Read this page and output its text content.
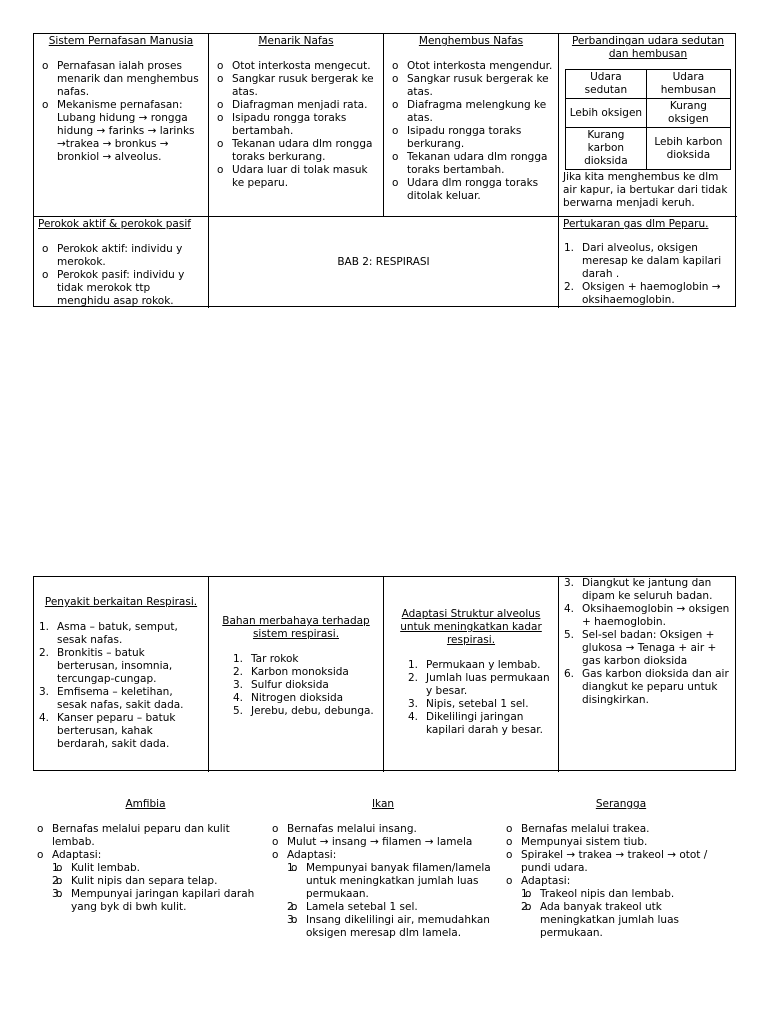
Sistem Pernafasan Manusia
o Pernafasan ialah proses menarik dan menghembus nafas.
o Mekanisme pernafasan: Lubang hidung → rongga hidung → farinks → larinks →trakea → bronkus → bronkiol → alveolus.
Menarik Nafas
o Otot interkosta mengecut.
o Sangkar rusuk bergerak ke atas.
o Diafragman menjadi rata.
o Isipadu rongga toraks bertambah.
o Tekanan udara dlm rongga toraks berkurang.
o Udara luar di tolak masuk ke peparu.
Menghembus Nafas
o Otot interkosta mengendur.
o Sangkar rusuk bergerak ke atas.
o Diafragma melengkung ke atas.
o Isipadu rongga toraks berkurang.
o Tekanan udara dlm rongga toraks bertambah.
o Udara dlm rongga toraks ditolak keluar.
Perbandingan udara sedutan dan hembusan
Udara sedutan	Udara hembusan
Lebih oksigen	Kurang oksigen
Kurang karbon dioksida	Lebih karbon dioksida
Jika kita menghembus ke dlm air kapur, ia bertukar dari tidak berwarna menjadi keruh.
Perokok aktif & perokok pasif
o Perokok aktif: individu y merokok.
o Perokok pasif: individu y tidak merokok ttp menghidu asap rokok.
BAB 2: RESPIRASI
Pertukaran gas dlm Peparu.
1. Dari alveolus, oksigen meresap ke dalam kapilari darah .
2. Oksigen + haemoglobin → oksihaemoglobin.
Penyakit berkaitan Respirasi.
1. Asma – batuk, semput, sesak nafas.
2. Bronkitis – batuk berterusan, insomnia, tercungap-cungap.
3. Emfisema – keletihan, sesak nafas, sakit dada.
4. Kanser peparu – batuk berterusan, kahak berdarah, sakit dada.
Bahan merbahaya terhadap sistem respirasi.
1. Tar rokok
2. Karbon monoksida
3. Sulfur dioksida
4. Nitrogen dioksida
5. Jerebu, debu, debunga.
Adaptasi Struktur alveolus untuk meningkatkan kadar respirasi.
1. Permukaan y lembab.
2. Jumlah luas permukaan y besar.
3. Nipis, setebal 1 sel.
4. Dikelilingi jaringan kapilari darah y besar.
3. Diangkut ke jantung dan dipam ke seluruh badan.
4. Oksihaemoglobin → oksigen + haemoglobin.
5. Sel-sel badan: Oksigen + glukosa → Tenaga + air + gas karbon dioksida
6. Gas karbon dioksida dan air diangkut ke peparu untuk disingkirkan.
Amfibia
o Bernafas melalui peparu dan kulit lembab.
o Adaptasi:
o 1. Kulit lembab.
o 2. Kulit nipis dan separa telap.
o 3. Mempunyai jaringan kapilari darah yang byk di bwh kulit.
Ikan
o Bernafas melalui insang.
o Mulut → insang → filamen → lamela
o Adaptasi:
o 1. Mempunyai banyak filamen/lamela untuk meningkatkan jumlah luas permukaan.
o 2. Lamela setebal 1 sel.
o 3. Insang dikelilingi air, memudahkan oksigen meresap dlm lamela.
Serangga
o Bernafas melalui trakea.
o Mempunyai sistem tiub.
o Spirakel → trakea → trakeol → otot / pundi udara.
o Adaptasi:
o 1. Trakeol nipis dan lembab.
o 2. Ada banyak trakeol utk meningkatkan jumlah luas permukaan.
